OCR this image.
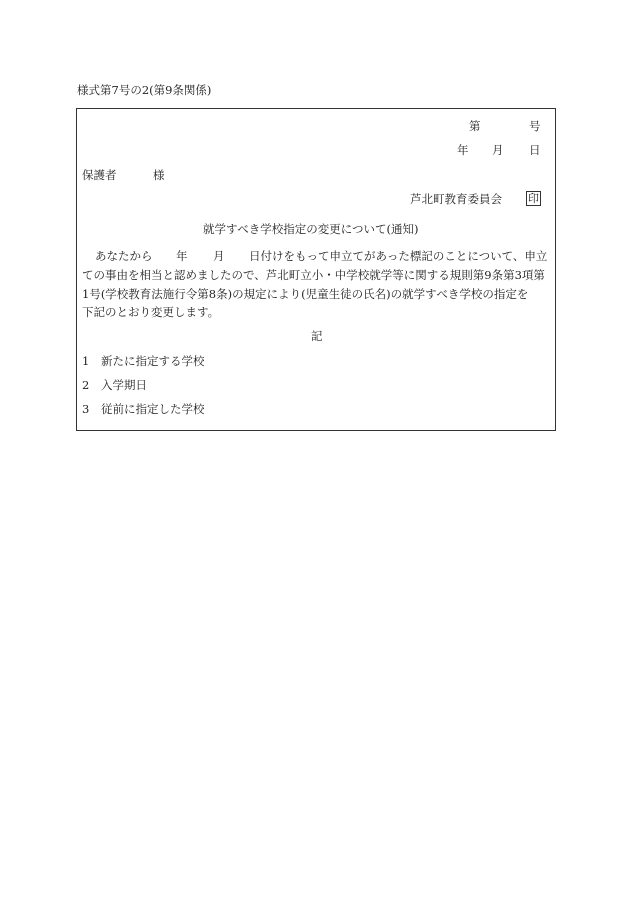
様式第7号の2(第9条関係)
第	号
年 月 日
保護者	様
芦北町教育委員会 印
就学すべき学校指定の変更について(通知)
あなたから 年 月 日付けをもって申立てがあった標記のことについて、申立
ての事由を相当と認めましたので、芦北町立小・中学校就学等に関する規則第9条第3項第
1号(学校教育法施行令第8条)の規定により(児童生徒の氏名)の就学すべき学校の指定を
下記のとおり変更します。
記
1 新たに指定する学校
2 入学期日
3 従前に指定した学校
